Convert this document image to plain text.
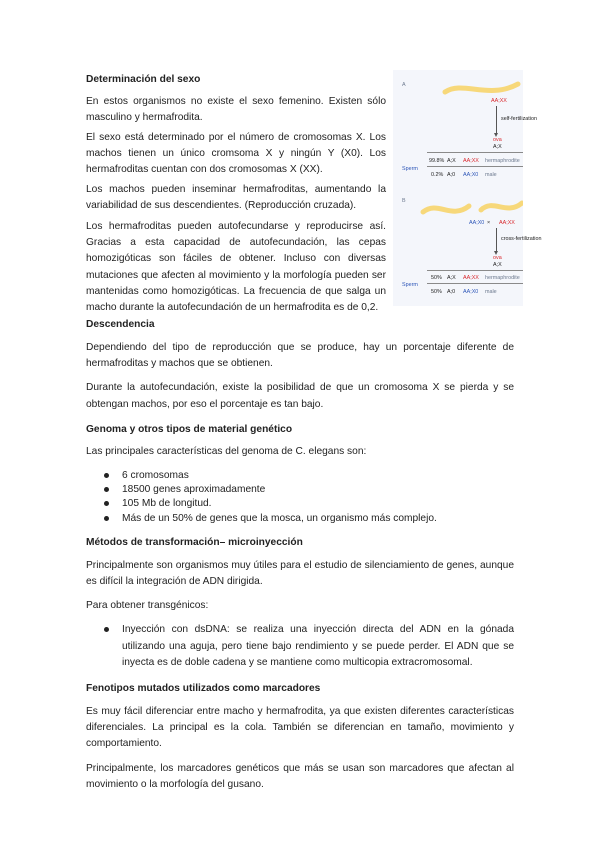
Determinación del sexo

En estos organismos no existe el sexo femenino. Existen sólo masculino y hermafrodita.

El sexo está determinado por el número de cromosomas X. Los machos tienen un único cromsoma X y ningún Y (X0). Los hermafroditas cuentan con dos cromosomas X (XX).

Los machos pueden inseminar hermafroditas, aumentando la variabilidad de sus descendientes. (Reproducción cruzada).

Los hermafroditas pueden autofecundarse y reproducirse así. Gracias a esta capacidad de autofecundación, las cepas homozigóticas son fáciles de obtener. Incluso con diversas mutaciones que afecten al movimiento y la morfología pueden ser mantenidas como homozigóticas. La frecuencia de que salga un macho durante la autofecundación de un hermafrodita es de 0,2.

A
AA;XX
self-fertilization
ova
A;X
Sperm
99.8% A;X AA;XX hermaphrodite
0.2% A;0 AA;X0 male
B
AA;X0 × AA;XX
cross-fertilization
ova
A;X
Sperm
50% A;X AA;XX hermaphrodite
50% A;0 AA;X0 male
Descendencia

Dependiendo del tipo de reproducción que se produce, hay un porcentaje diferente de hermafroditas y machos que se obtienen.

Durante la autofecundación, existe la posibilidad de que un cromosoma X se pierda y se obtengan machos, por eso el porcentaje es tan bajo.

Genoma y otros tipos de material genético

Las principales características del genoma de C. elegans son:

6 cromosomas
18500 genes aproximadamente
105 Mb de longitud.
Más de un 50% de genes que la mosca, un organismo más complejo.
Métodos de transformación– microinyección

Principalmente son organismos muy útiles para el estudio de silenciamiento de genes, aunque es difícil la integración de ADN dirigida.

Para obtener transgénicos:

Inyección con dsDNA: se realiza una inyección directa del ADN en la gónada utilizando una aguja, pero tiene bajo rendimiento y se puede perder. El ADN que se inyecta es de doble cadena y se mantiene como multicopia extracromosomal.
Fenotipos mutados utilizados como marcadores

Es muy fácil diferenciar entre macho y hermafrodita, ya que existen diferentes características diferenciales. La principal es la cola. También se diferencian en tamaño, movimiento y comportamiento.

Principalmente, los marcadores genéticos que más se usan son marcadores que afectan al movimiento o la morfología del gusano.
